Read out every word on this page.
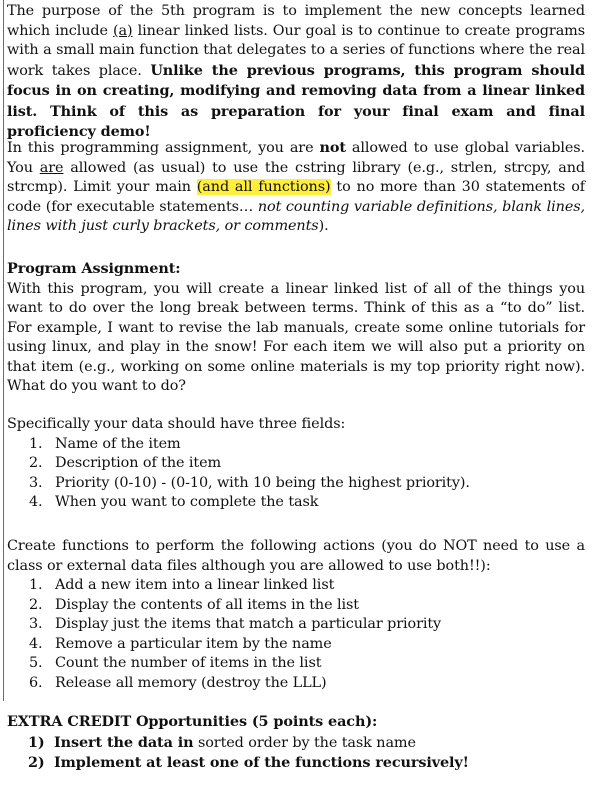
The purpose of the 5th program is to implement the new concepts learned which include (a) linear linked lists. Our goal is to continue to create programs with a small main function that delegates to a series of functions where the real work takes place. Unlike the previous programs, this program should focus in on creating, modifying and removing data from a linear linked list. Think of this as preparation for your final exam and final proficiency demo!

In this programming assignment, you are not allowed to use global variables. You are allowed (as usual) to use the cstring library (e.g., strlen, strcpy, and strcmp). Limit your main (and all functions) to no more than 30 statements of code (for executable statements… not counting variable definitions, blank lines, lines with just curly brackets, or comments).

Program Assignment:
With this program, you will create a linear linked list of all of the things you want to do over the long break between terms. Think of this as a “to do” list. For example, I want to revise the lab manuals, create some online tutorials for using linux, and play in the snow! For each item we will also put a priority on that item (e.g., working on some online materials is my top priority right now). What do you want to do?
Specifically your data should have three fields:
1. Name of the item
2. Description of the item
3. Priority (0-10) - (0-10, with 10 being the highest priority).
4. When you want to complete the task
Create functions to perform the following actions (you do NOT need to use a class or external data files although you are allowed to use both!!):
1. Add a new item into a linear linked list
2. Display the contents of all items in the list
3. Display just the items that match a particular priority
4. Remove a particular item by the name
5. Count the number of items in the list
6. Release all memory (destroy the LLL)
EXTRA CREDIT Opportunities (5 points each):
1) Insert the data in sorted order by the task name
2) Implement at least one of the functions recursively!
